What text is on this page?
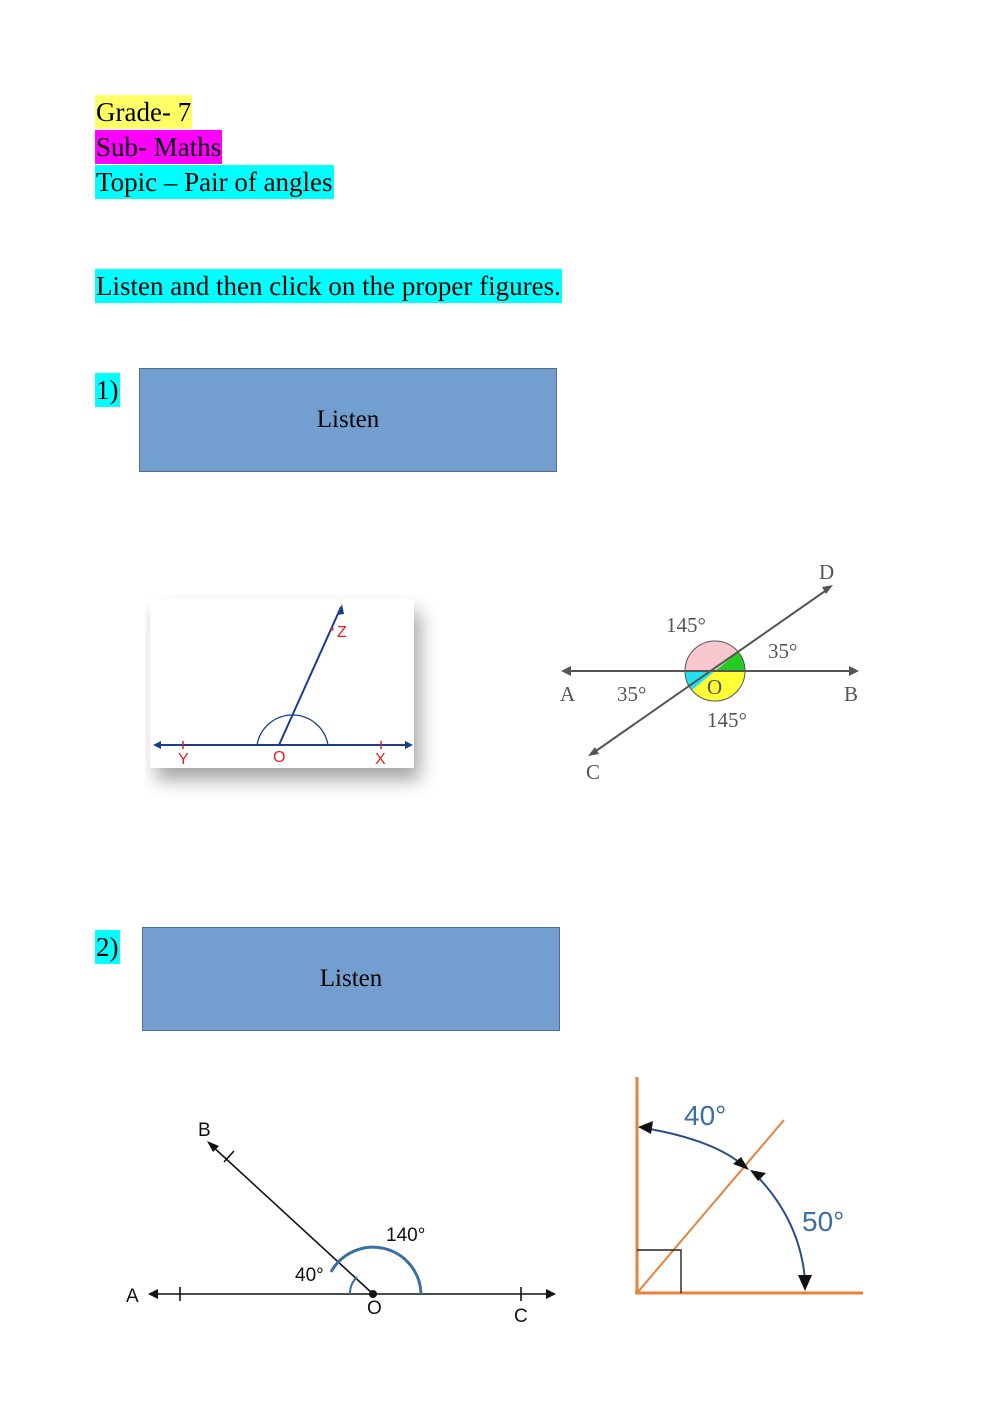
Grade- 7
Sub- Maths
Topic – Pair of angles
Listen and then click on the proper figures.
1)
Listen
Y	O	X
Z
A	B
C
D
O
145°
35°
35°
145°
2)
Listen
A
B
C
O
40°
140°
40°
50°
